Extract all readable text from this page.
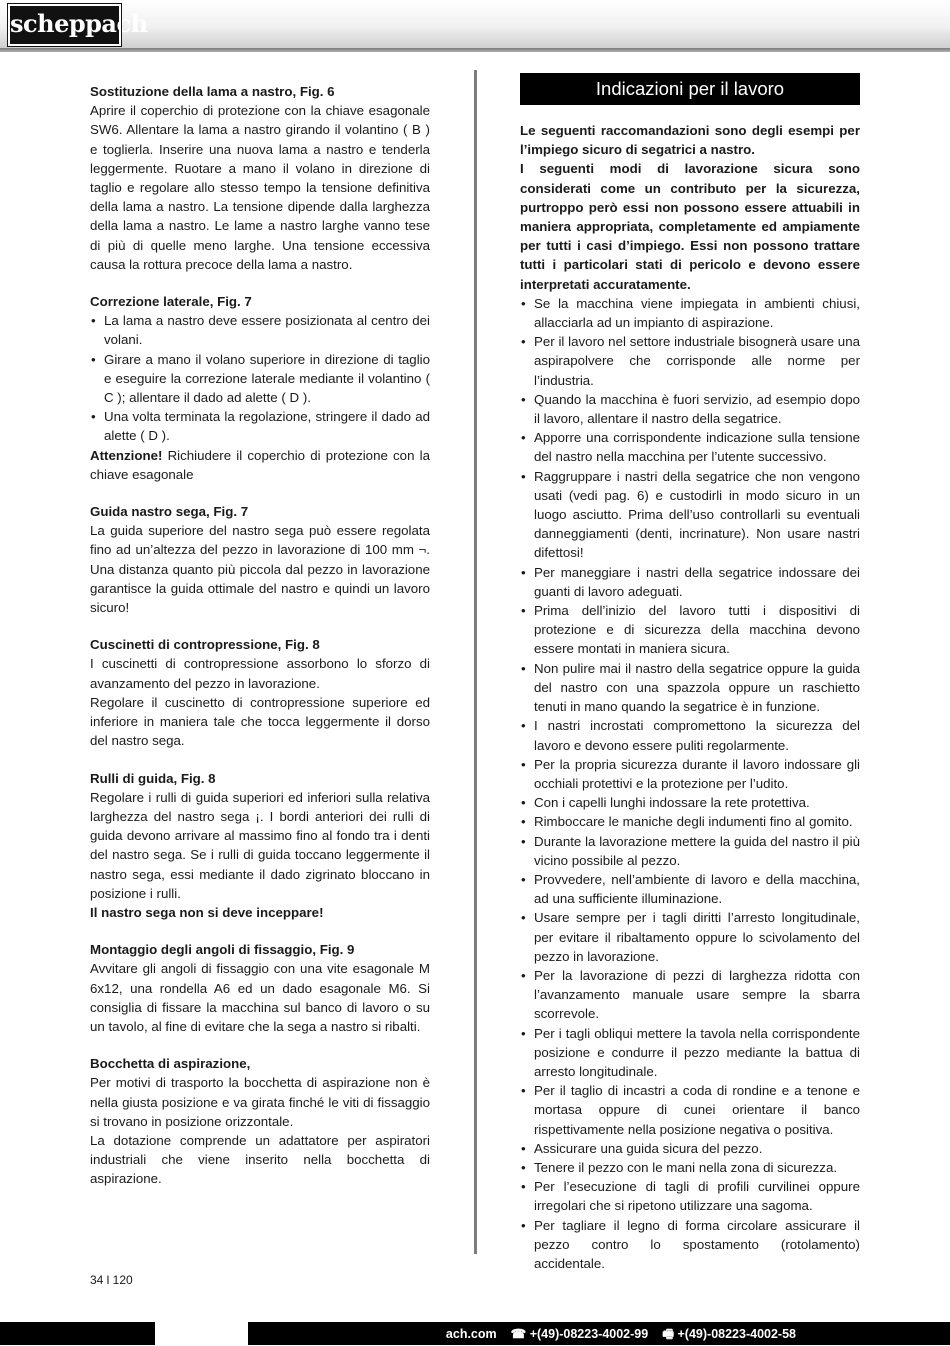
scheppach
Sostituzione della lama a nastro, Fig. 6

Aprire il coperchio di protezione con la chiave esagonale SW6. Allentare la lama a nastro girando il volantino ( B ) e toglierla. Inserire una nuova lama a nastro e tenderla leggermente. Ruotare a mano il volano in direzione di taglio e regolare allo stesso tempo la tensione definitiva della lama a nastro. La tensione dipende dalla larghezza della lama a nastro. Le lame a nastro larghe vanno tese di più di quelle meno larghe. Una tensione eccessiva causa la rottura precoce della lama a nastro.

Correzione laterale, Fig. 7
• La lama a nastro deve essere posizionata al centro dei volani.
• Girare a mano il volano superiore in direzione di taglio e eseguire la correzione laterale mediante il volantino ( C ); allentare il dado ad alette ( D ).
• Una volta terminata la regolazione, stringere il dado ad alette ( D ).

Attenzione! Richiudere il coperchio di protezione con la chiave esagonale

Guida nastro sega, Fig. 7

La guida superiore del nastro sega può essere regolata fino ad un’altezza del pezzo in lavorazione di 100 mm ¬. Una distanza quanto più piccola dal pezzo in lavorazione garantisce la guida ottimale del nastro e quindi un lavoro sicuro!

Cuscinetti di contropressione, Fig. 8

I cuscinetti di contropressione assorbono lo sforzo di avanzamento del pezzo in lavorazione.

Regolare il cuscinetto di contropressione superiore ed inferiore in maniera tale che tocca leggermente il dorso del nastro sega.

Rulli di guida, Fig. 8

Regolare i rulli di guida superiori ed inferiori sulla relativa larghezza del nastro sega ¡. I bordi anteriori dei rulli di guida devono arrivare al massimo fino al fondo tra i denti del nastro sega. Se i rulli di guida toccano leggermente il nastro sega, essi mediante il dado zigrinato bloccano in posizione i rulli.

Il nastro sega non si deve inceppare!

Montaggio degli angoli di fissaggio, Fig. 9

Avvitare gli angoli di fissaggio con una vite esagonale M 6x12, una rondella A6 ed un dado esagonale M6. Si consiglia di fissare la macchina sul banco di lavoro o su un tavolo, al fine di evitare che la sega a nastro si ribalti.

Bocchetta di aspirazione,

Per motivi di trasporto la bocchetta di aspirazione non è nella giusta posizione e va girata finché le viti di fissaggio si trovano in posizione orizzontale.

La dotazione comprende un adattatore per aspiratori industriali che viene inserito nella bocchetta di aspirazione.

Indicazioni per il lavoro

Le seguenti raccomandazioni sono degli esempi per l’impiego sicuro di segatrici a nastro.

I seguenti modi di lavorazione sicura sono considerati come un contributo per la sicurezza, purtroppo però essi non possono essere attuabili in maniera appropriata, completamente ed ampiamente per tutti i casi d’impiego. Essi non possono trattare tutti i particolari stati di pericolo e devono essere interpretati accuratamente.

• Se la macchina viene impiegata in ambienti chiusi, allacciarla ad un impianto di aspirazione.
• Per il lavoro nel settore industriale bisognerà usare una aspirapolvere che corrisponde alle norme per l’industria.
• Quando la macchina è fuori servizio, ad esempio dopo il lavoro, allentare il nastro della segatrice.
• Apporre una corrispondente indicazione sulla tensione del nastro nella macchina per l’utente successivo.
• Raggruppare i nastri della segatrice che non vengono usati (vedi pag. 6) e custodirli in modo sicuro in un luogo asciutto. Prima dell’uso controllarli su eventuali danneggiamenti (denti, incrinature). Non usare nastri difettosi!
• Per maneggiare i nastri della segatrice indossare dei guanti di lavoro adeguati.
• Prima dell’inizio del lavoro tutti i dispositivi di protezione e di sicurezza della macchina devono essere montati in maniera sicura.
• Non pulire mai il nastro della segatrice oppure la guida del nastro con una spazzola oppure un raschietto tenuti in mano quando la segatrice è in funzione.
• I nastri incrostati compromettono la sicurezza del lavoro e devono essere puliti regolarmente.
• Per la propria sicurezza durante il lavoro indossare gli occhiali protettivi e la protezione per l’udito.
• Con i capelli lunghi indossare la rete protettiva.
• Rimboccare le maniche degli indumenti fino al gomito.
• Durante la lavorazione mettere la guida del nastro il più vicino possibile al pezzo.
• Provvedere, nell’ambiente di lavoro e della macchina, ad una sufficiente illuminazione.
• Usare sempre per i tagli diritti l’arresto longitudinale, per evitare il ribaltamento oppure lo scivolamento del pezzo in lavorazione.
• Per la lavorazione di pezzi di larghezza ridotta con l’avanzamento manuale usare sempre la sbarra scorrevole.
• Per i tagli obliqui mettere la tavola nella corrispondente posizione e condurre il pezzo mediante la battua di arresto longitudinale.
• Per il taglio di incastri a coda di rondine e a tenone e mortasa oppure di cunei orientare il banco rispettivamente nella posizione negativa o positiva.
• Assicurare una guida sicura del pezzo.
• Tenere il pezzo con le mani nella zona di sicurezza.
• Per l’esecuzione di tagli di profili curvilinei oppure irregolari che si ripetono utilizzare una sagoma.
• Per tagliare il legno di forma circolare assicurare il pezzo contro lo spostamento (rotolamento) accidentale.
34 l 120
ach.com ☎ +(49)-08223-4002-99 🖷 +(49)-08223-4002-58
